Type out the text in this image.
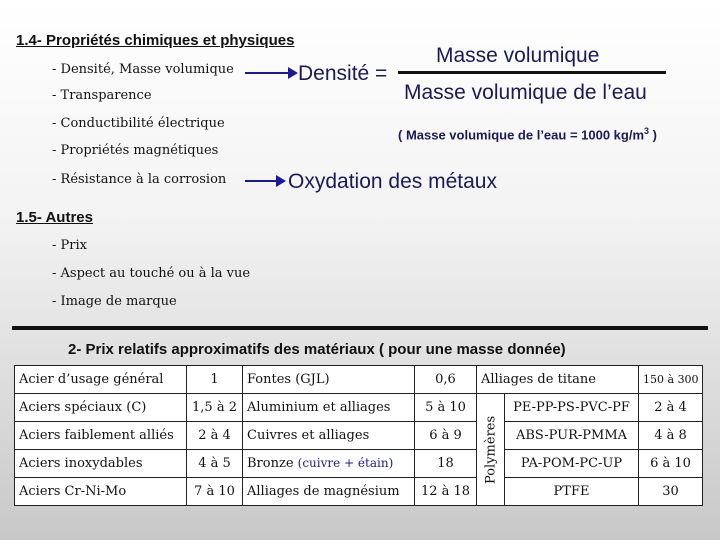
1.4- Propriétés chimiques et physiques
- Densité, Masse volumique
- Transparence
- Conductibilité électrique
- Propriétés magnétiques
- Résistance à la corrosion
Densité =
Masse volumique
Masse volumique de l’eau
( Masse volumique de l’eau = 1000 $kg/m^3$ )
Oxydation des métaux
1.5- Autres
- Prix
- Aspect au touché ou à la vue
- Image de marque
2- Prix relatifs approximatifs des matériaux ( pour une masse donnée)
Acier d’usage général	1	Fontes (GJL)	0,6	Alliages de titane		150 à 300
Aciers spéciaux (C)	1,5 à 2	Aluminium et alliages	5 à 10	Polymères	PE-PP-PS-PVC-PF	2 à 4
Aciers faiblement alliés	2 à 4	Cuivres et alliages	6 à 9		ABS-PUR-PMMA	4 à 8
Aciers inoxydables	4 à 5	Bronze (cuivre + étain)	18		PA-POM-PC-UP	6 à 10
Aciers Cr-Ni-Mo	7 à 10	Alliages de magnésium	12 à 18		PTFE	30
